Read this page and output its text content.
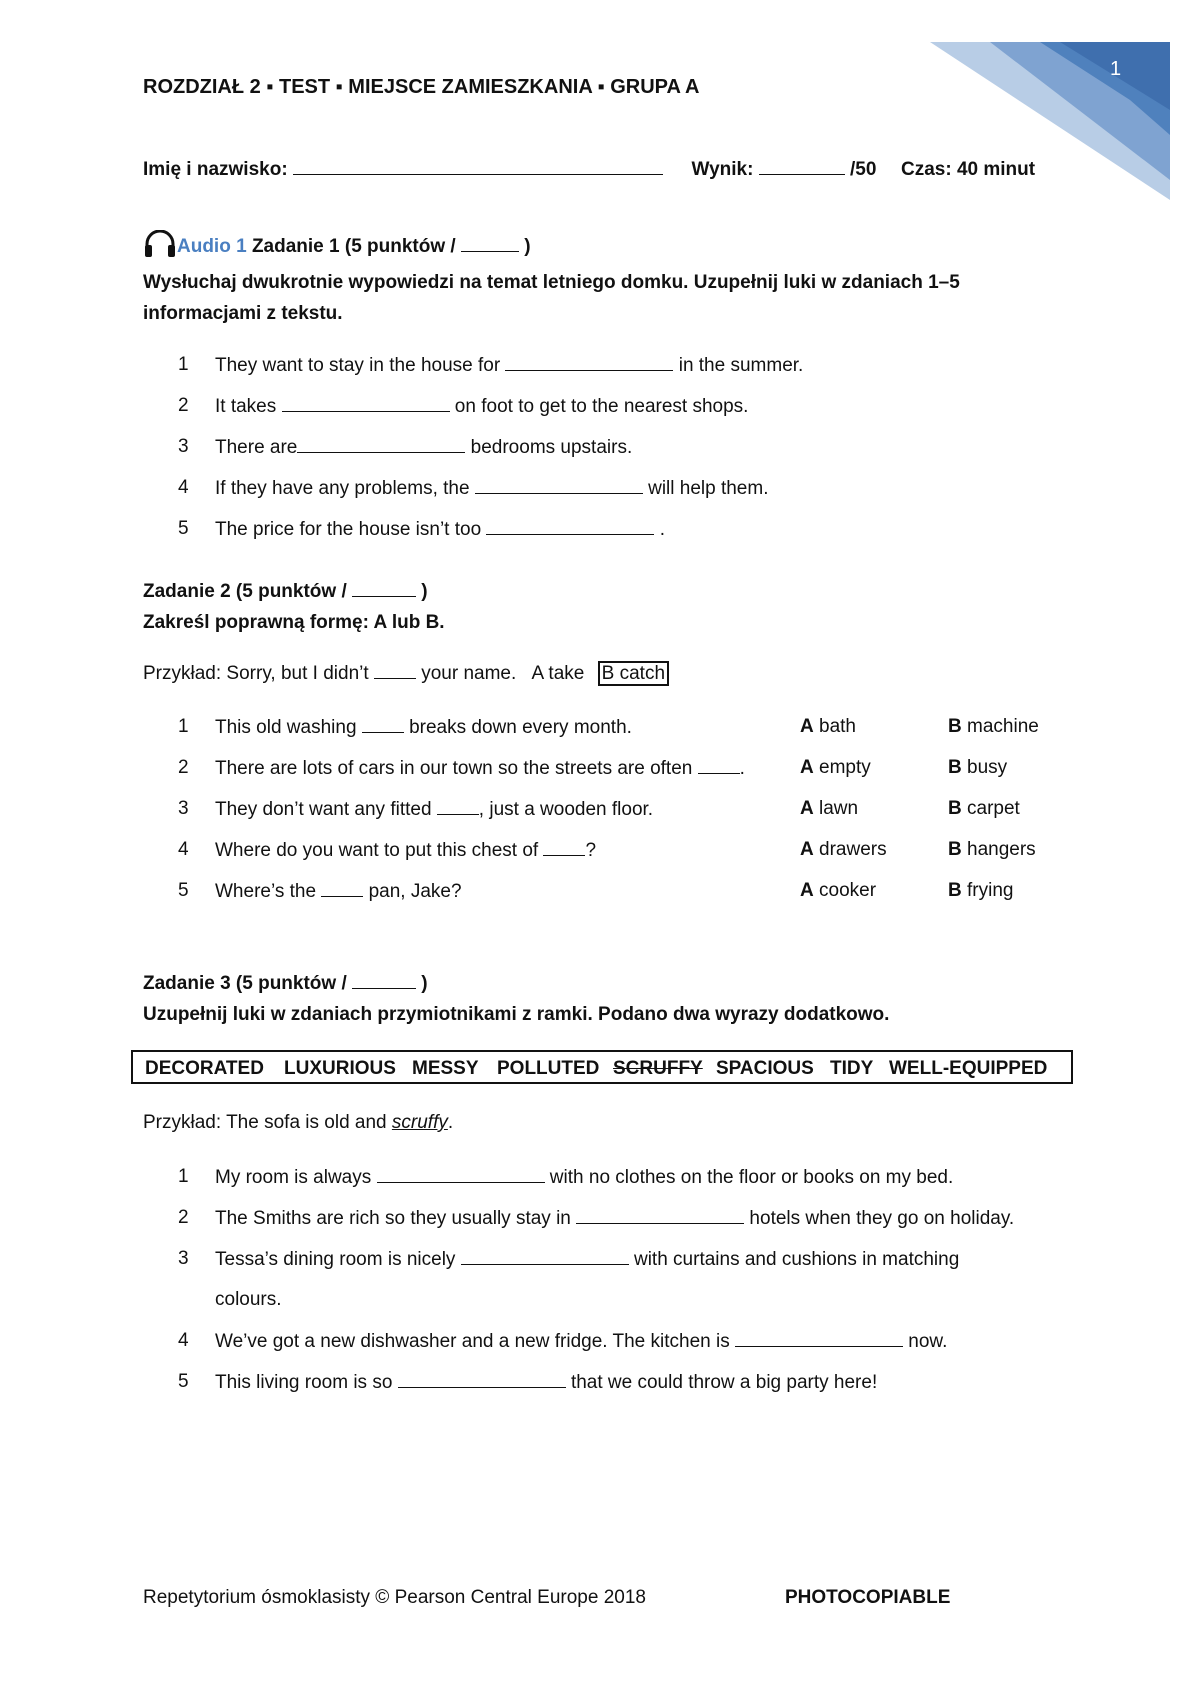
1
ROZDZIAŁ 2 ▪ TEST ▪ MIEJSCE ZAMIESZKANIA ▪ GRUPA A
Imię i nazwisko:	Wynik:	/50 Czas: 40 minut
Audio 1 Zadanie 1 (5 punktów /	)
Wysłuchaj dwukrotnie wypowiedzi na temat letniego domku. Uzupełnij luki w zdaniach 1–5
informacjami z tekstu.
1 They want to stay in the house for	in the summer.
2 It takes	on foot to get to the nearest shops.
3 There are	bedrooms upstairs.
4 If they have any problems, the	will help them.
5 The price for the house isn’t too	.
Zadanie 2 (5 punktów /	)
Zakreśl poprawną formę: A lub B.
Przykład: Sorry, but I didn’t  your name. A take B catch
1 This old washing  breaks down every month.	A bath	B machine
2 There are lots of cars in our town so the streets are often .	A empty	B busy
3 They don’t want any fitted , just a wooden floor.	A lawn	B carpet
4 Where do you want to put this chest of ?	A drawers	B hangers
5 Where’s the  pan, Jake?	A cooker	B frying
Zadanie 3 (5 punktów /	)
Uzupełnij luki w zdaniach przymiotnikami z ramki. Podano dwa wyrazy dodatkowo.
DECORATED LUXURIOUS MESSY POLLUTED SCRUFFY SPACIOUS TIDY WELL-EQUIPPED
Przykład: The sofa is old and scruffy.
1 My room is always	with no clothes on the floor or books on my bed.
2 The Smiths are rich so they usually stay in	hotels when they go on holiday.
3 Tessa’s dining room is nicely	with curtains and cushions in matching
colours.
4 We’ve got a new dishwasher and a new fridge. The kitchen is	now.
5 This living room is so	that we could throw a big party here!
Repetytorium ósmoklasisty © Pearson Central Europe 2018	PHOTOCOPIABLE
